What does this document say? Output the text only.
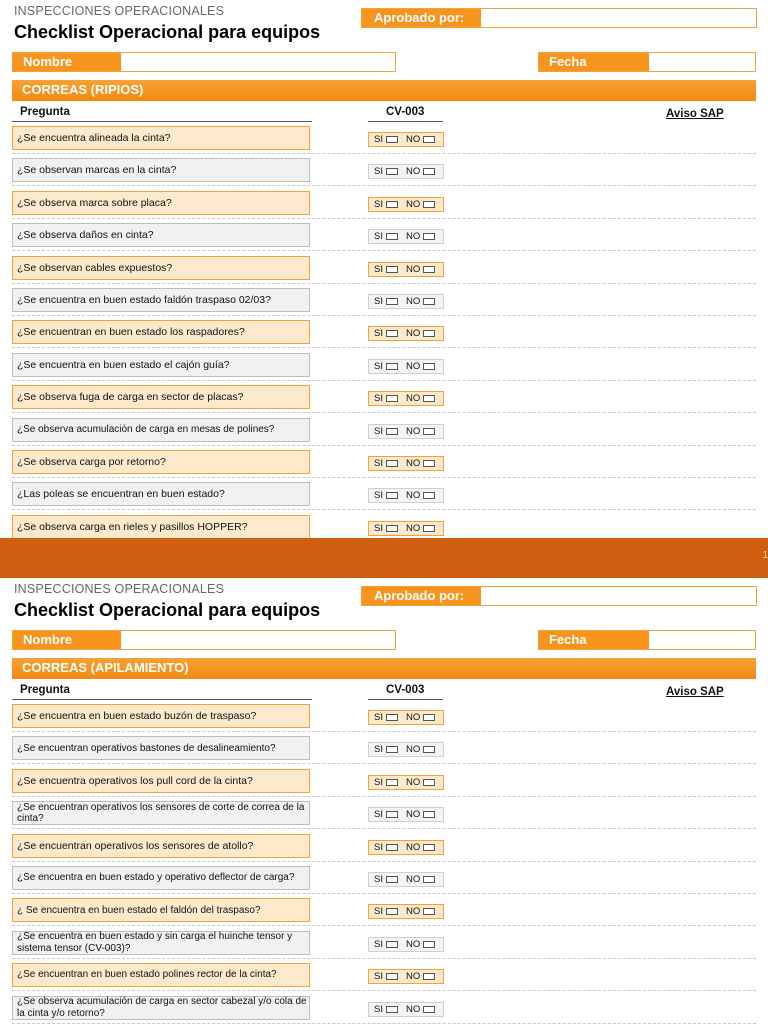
INSPECCIONES OPERACIONALES
Checklist Operacional para equipos
Aprobado por:
Nombre	Fecha
CORREAS (RIPIOS)
Pregunta	CV-003	Aviso SAP
¿Se encuentra alineada la cinta?	SI NO
¿Se observan marcas en la cinta?	SI NO
¿Se observa marca sobre placa?	SI NO
¿Se observa daños en cinta?	SI NO
¿Se observan cables expuestos?	SI NO
¿Se encuentra en buen estado faldón traspaso 02/03?	SI NO
¿Se encuentran en buen estado los raspadores?	SI NO
¿Se encuentra en buen estado el cajón guía?	SI NO
¿Se observa fuga de carga en sector de placas?	SI NO
¿Se observa acumulación de carga en mesas de polines?	SI NO
¿Se observa carga por retorno?	SI NO
¿Las poleas se encuentran en buen estado?	SI NO
¿Se observa carga en rieles y pasillos HOPPER?	SI NO
1
INSPECCIONES OPERACIONALES
Checklist Operacional para equipos
Aprobado por:
Nombre	Fecha
CORREAS (APILAMIENTO)
Pregunta	CV-003	Aviso SAP
¿Se encuentra en buen estado buzón de traspaso?	SI NO
¿Se encuentran operativos bastones de desalineamiento?	SI NO
¿Se encuentra operativos los pull cord de la cinta?	SI NO
¿Se encuentran operativos los sensores de corte de correa de la cinta?	SI NO
¿Se encuentran operativos los sensores de atollo?	SI NO
¿Se encuentra en buen estado y operativo deflector de carga?	SI NO
¿ Se encuentra en buen estado el faldón del traspaso?	SI NO
¿Se encuentra en buen estado y sin carga el huinche tensor y sistema tensor (CV-003)?	SI NO
¿Se encuentran en buen estado polines rector de la cinta?	SI NO
¿Se observa acumulación de carga en sector cabezal y/o cola de la cinta y/o retorno?	SI NO
